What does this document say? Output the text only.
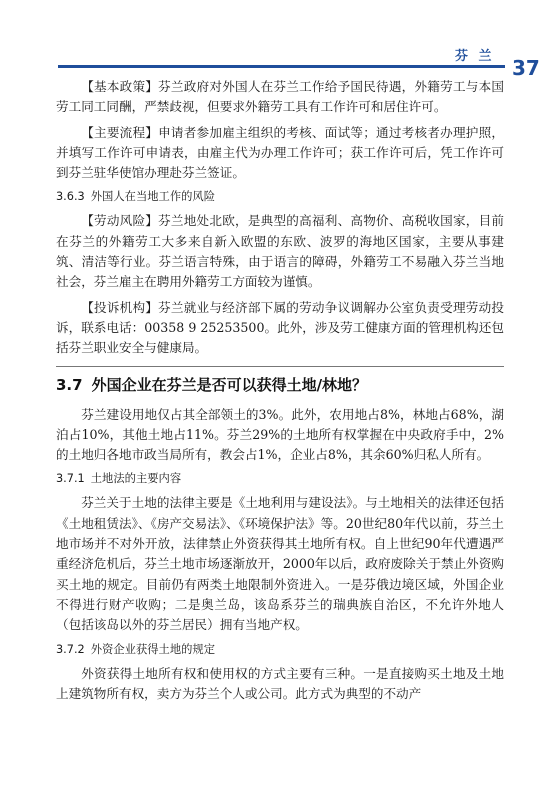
芬 兰 37

【基本政策】芬兰政府对外国人在芬兰工作给予国民待遇，外籍劳工与本国劳工同工同酬，严禁歧视，但要求外籍劳工具有工作许可和居住许可。

【主要流程】申请者参加雇主组织的考核、面试等；通过考核者办理护照，并填写工作许可申请表，由雇主代为办理工作许可；获工作许可后，凭工作许可到芬兰驻华使馆办理赴芬兰签证。

3.6.3 外国人在当地工作的风险

【劳动风险】芬兰地处北欧，是典型的高福利、高物价、高税收国家，目前在芬兰的外籍劳工大多来自新入欧盟的东欧、波罗的海地区国家，主要从事建筑、清洁等行业。芬兰语言特殊，由于语言的障碍，外籍劳工不易融入芬兰当地社会，芬兰雇主在聘用外籍劳工方面较为谨慎。

【投诉机构】芬兰就业与经济部下属的劳动争议调解办公室负责受理劳动投诉，联系电话：00358 9 25253500。此外，涉及劳工健康方面的管理机构还包括芬兰职业安全与健康局。

3.7 外国企业在芬兰是否可以获得土地/林地？

芬兰建设用地仅占其全部领土的3%。此外，农用地占8%，林地占68%，湖泊占10%，其他土地占11%。芬兰29%的土地所有权掌握在中央政府手中，2%的土地归各地市政当局所有，教会占1%，企业占8%，其余60%归私人所有。

3.7.1 土地法的主要内容

芬兰关于土地的法律主要是《土地利用与建设法》。与土地相关的法律还包括《土地租赁法》、《房产交易法》、《环境保护法》等。20世纪80年代以前，芬兰土地市场并不对外开放，法律禁止外资获得其土地所有权。自上世纪90年代遭遇严重经济危机后，芬兰土地市场逐渐放开，2000年以后，政府废除关于禁止外资购买土地的规定。目前仍有两类土地限制外资进入。一是芬俄边境区域，外国企业不得进行财产收购；二是奥兰岛，该岛系芬兰的瑞典族自治区，不允许外地人（包括该岛以外的芬兰居民）拥有当地产权。

3.7.2 外资企业获得土地的规定

外资获得土地所有权和使用权的方式主要有三种。一是直接购买土地及土地上建筑物所有权，卖方为芬兰个人或公司。此方式为典型的不动产
